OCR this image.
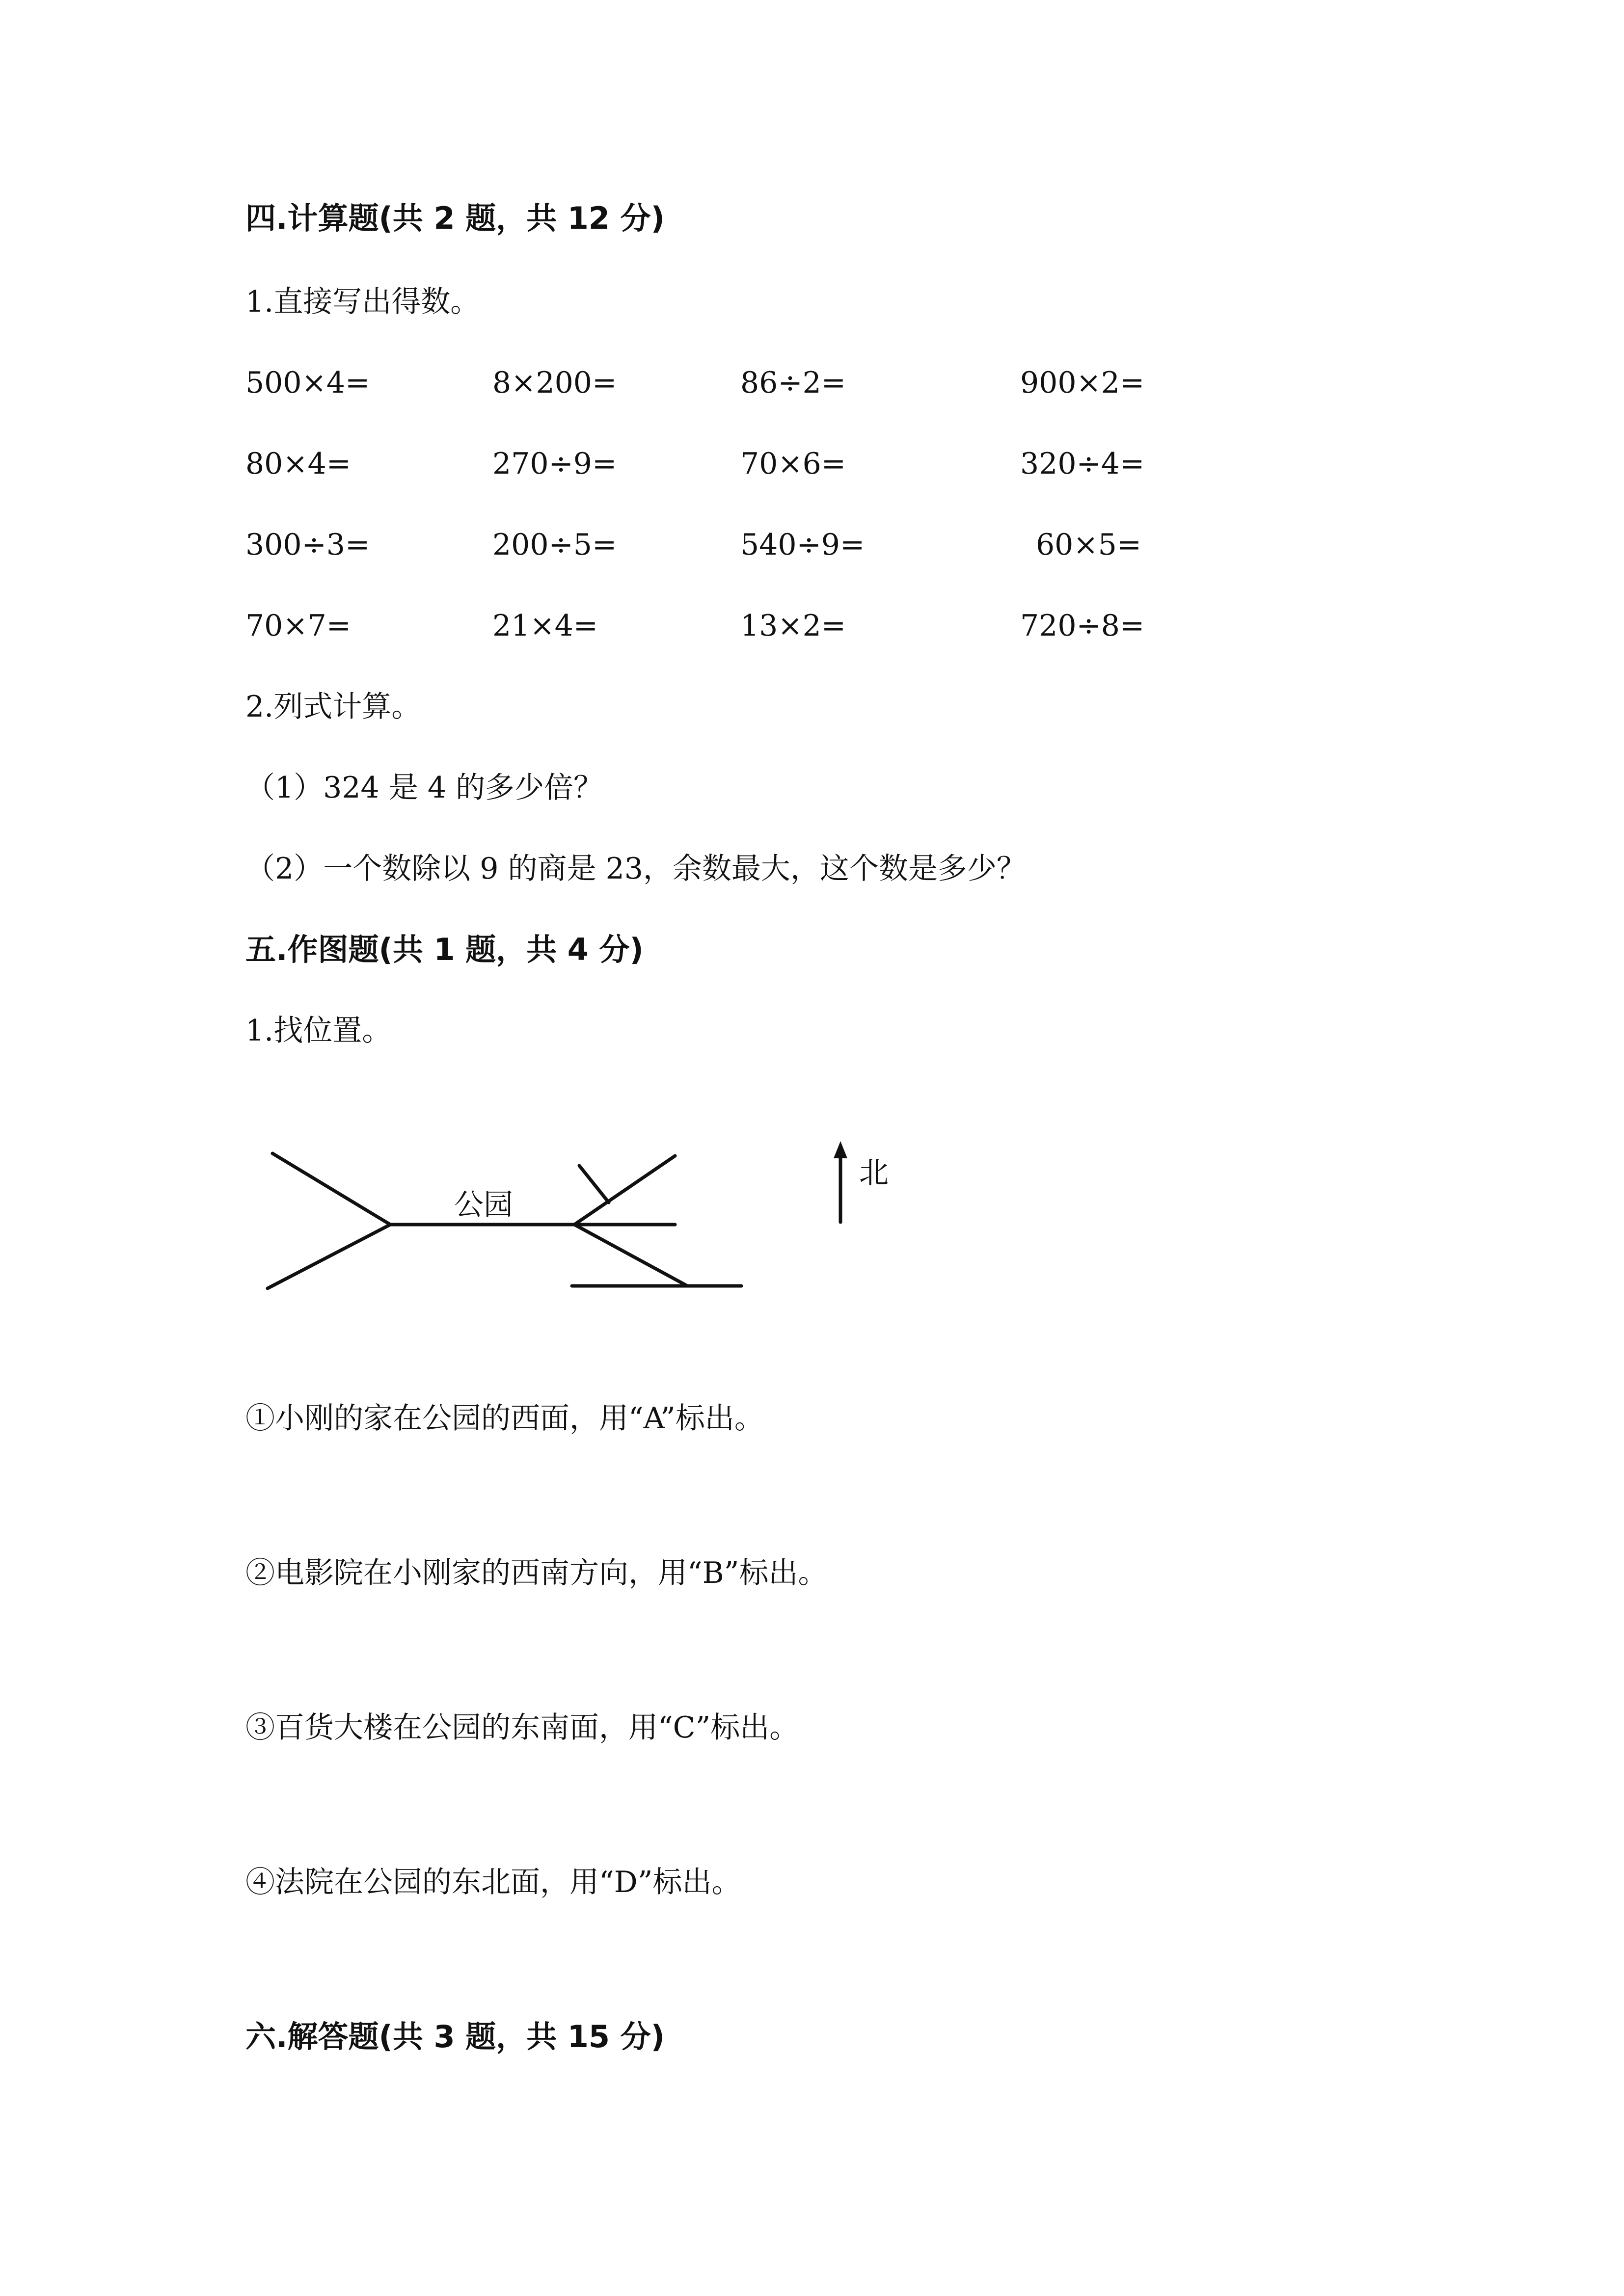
四.计算题(共 2 题，共 12 分)
1.直接写出得数。
500×4=	8×200=	86÷2=	900×2=
80×4=	270÷9=	70×6=	320÷4=
300÷3=	200÷5=	540÷9=	60×5=
70×7=	21×4=	13×2=	720÷8=
2.列式计算。
（1）324 是 4 的多少倍？
（2）一个数除以 9 的商是 23，余数最大，这个数是多少？
五.作图题(共 1 题，共 4 分)
1.找位置。
公园
北
①小刚的家在公园的西面，用“A”标出。
②电影院在小刚家的西南方向，用“B”标出。
③百货大楼在公园的东南面，用“C”标出。
④法院在公园的东北面，用“D”标出。
六.解答题(共 3 题，共 15 分)
